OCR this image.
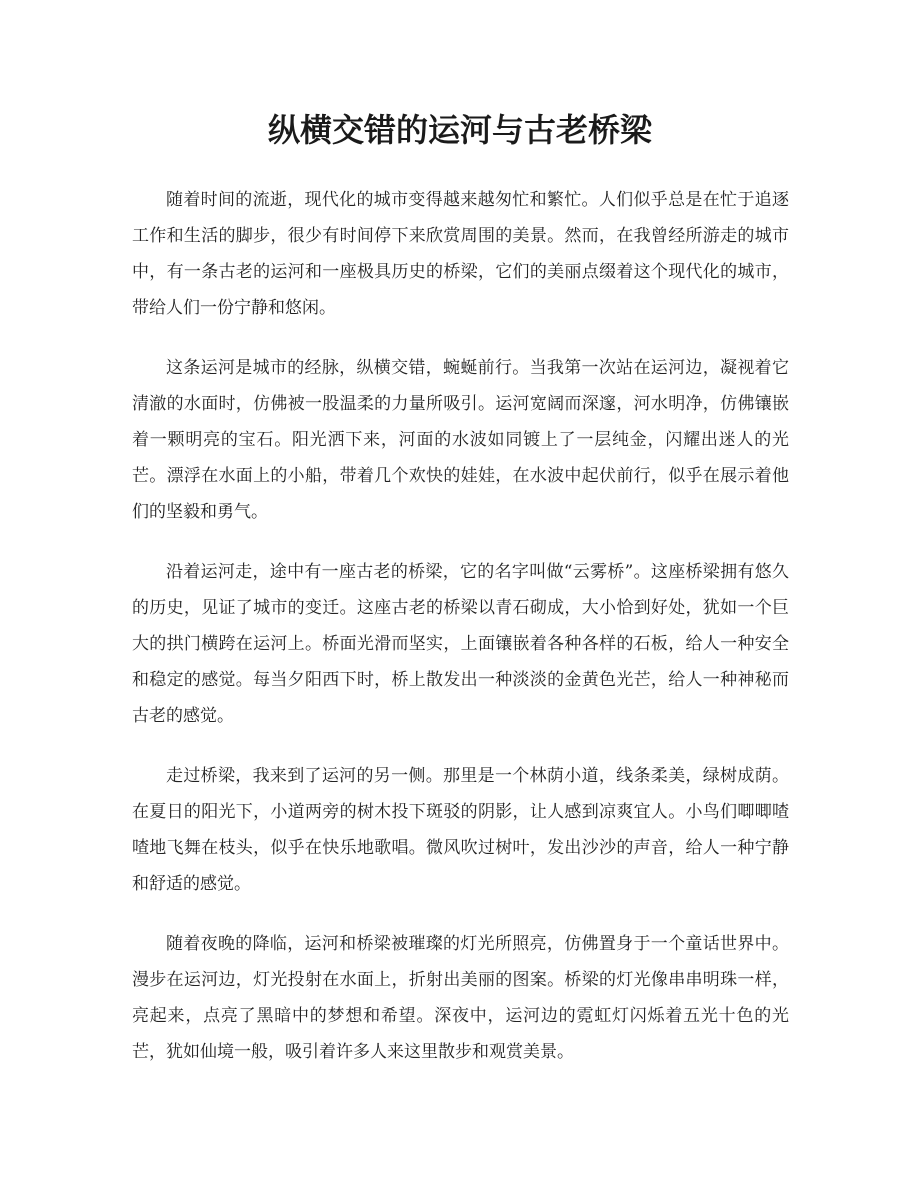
纵横交错的运河与古老桥梁

随着时间的流逝，现代化的城市变得越来越匆忙和繁忙。人们似乎总是在忙于追逐工作和生活的脚步，很少有时间停下来欣赏周围的美景。然而，在我曾经所游走的城市中，有一条古老的运河和一座极具历史的桥梁，它们的美丽点缀着这个现代化的城市，带给人们一份宁静和悠闲。

这条运河是城市的经脉，纵横交错，蜿蜒前行。当我第一次站在运河边，凝视着它清澈的水面时，仿佛被一股温柔的力量所吸引。运河宽阔而深邃，河水明净，仿佛镶嵌着一颗明亮的宝石。阳光洒下来，河面的水波如同镀上了一层纯金，闪耀出迷人的光芒。漂浮在水面上的小船，带着几个欢快的娃娃，在水波中起伏前行，似乎在展示着他们的坚毅和勇气。

沿着运河走，途中有一座古老的桥梁，它的名字叫做“云雾桥”。这座桥梁拥有悠久的历史，见证了城市的变迁。这座古老的桥梁以青石砌成，大小恰到好处，犹如一个巨大的拱门横跨在运河上。桥面光滑而坚实，上面镶嵌着各种各样的石板，给人一种安全和稳定的感觉。每当夕阳西下时，桥上散发出一种淡淡的金黄色光芒，给人一种神秘而古老的感觉。

走过桥梁，我来到了运河的另一侧。那里是一个林荫小道，线条柔美，绿树成荫。在夏日的阳光下，小道两旁的树木投下斑驳的阴影，让人感到凉爽宜人。小鸟们唧唧喳喳地飞舞在枝头，似乎在快乐地歌唱。微风吹过树叶，发出沙沙的声音，给人一种宁静和舒适的感觉。

随着夜晚的降临，运河和桥梁被璀璨的灯光所照亮，仿佛置身于一个童话世界中。漫步在运河边，灯光投射在水面上，折射出美丽的图案。桥梁的灯光像串串明珠一样，亮起来，点亮了黑暗中的梦想和希望。深夜中，运河边的霓虹灯闪烁着五光十色的光芒，犹如仙境一般，吸引着许多人来这里散步和观赏美景。
